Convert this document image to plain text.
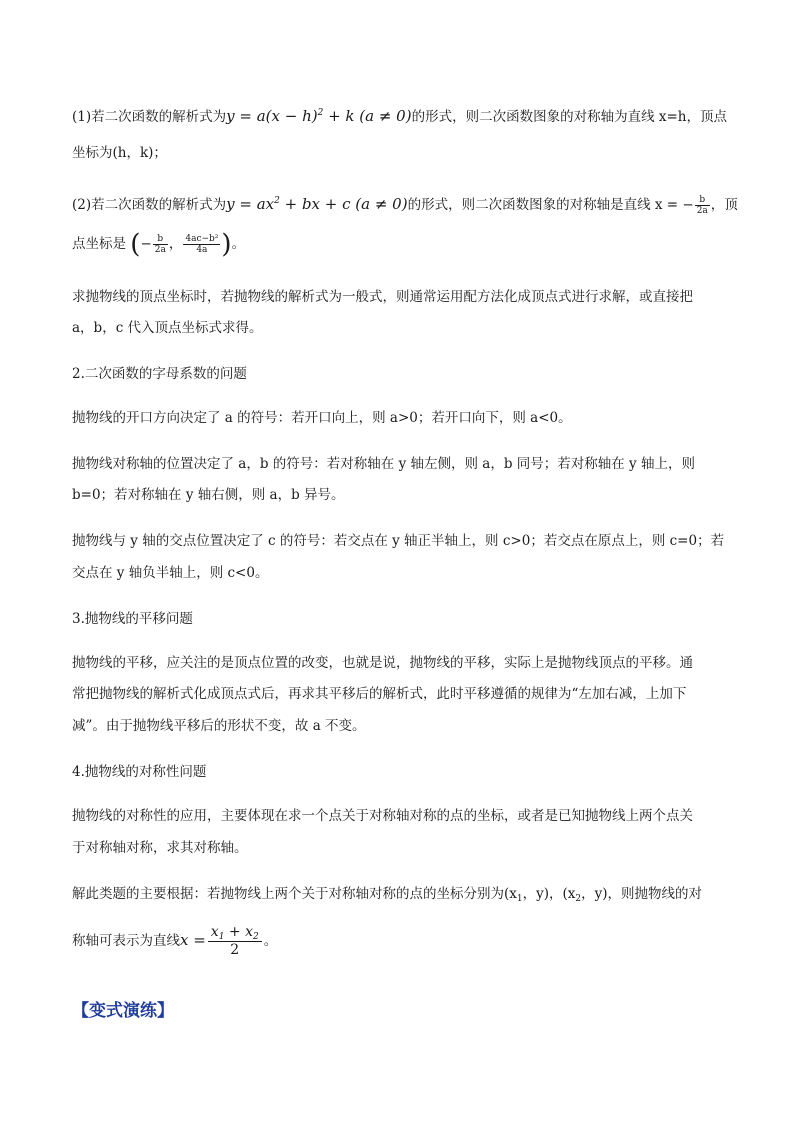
(1)若二次函数的解析式为$y = a(x - h)^2 + k$ (a ≠ 0)的形式，则二次函数图象的对称轴为直线 x=h，顶点
坐标为(h，k)；
(2)若二次函数的解析式为$y = ax^2$ + bx + c (a ≠ 0)的形式，则二次函数图象的对称轴是直线 x = − $\frac{b}{2a}$ ，顶
点坐标是 (− $\frac{b}{2a}$ ， $\frac{\text{4ac−b²}}{4a}$ )。
求抛物线的顶点坐标时，若抛物线的解析式为一般式，则通常运用配方法化成顶点式进行求解，或直接把
a，b，c 代入顶点坐标式求得。
2.二次函数的字母系数的问题
抛物线的开口方向决定了 a 的符号：若开口向上，则 a>0；若开口向下，则 a<0。
抛物线对称轴的位置决定了 a，b 的符号：若对称轴在 y 轴左侧，则 a，b 同号；若对称轴在 y 轴上，则
b=0；若对称轴在 y 轴右侧，则 a，b 异号。
抛物线与 y 轴的交点位置决定了 c 的符号：若交点在 y 轴正半轴上，则 c>0；若交点在原点上，则 c=0；若
交点在 y 轴负半轴上，则 c<0。
3.抛物线的平移问题
抛物线的平移，应关注的是顶点位置的改变，也就是说，抛物线的平移，实际上是抛物线顶点的平移。通
常把抛物线的解析式化成顶点式后，再求其平移后的解析式，此时平移遵循的规律为“左加右减，上加下
减”。由于抛物线平移后的形状不变，故 a 不变。
4.抛物线的对称性问题
抛物线的对称性的应用，主要体现在求一个点关于对称轴对称的点的坐标，或者是已知抛物线上两个点关
于对称轴对称，求其对称轴。
解此类题的主要根据：若抛物线上两个关于对称轴对称的点的坐标分别为($x_1$，y)，($x_2$，y)，则抛物线的对
称轴可表示为直线$x = \frac{x_1 + x_2}{2}$ 。
【变式演练】
